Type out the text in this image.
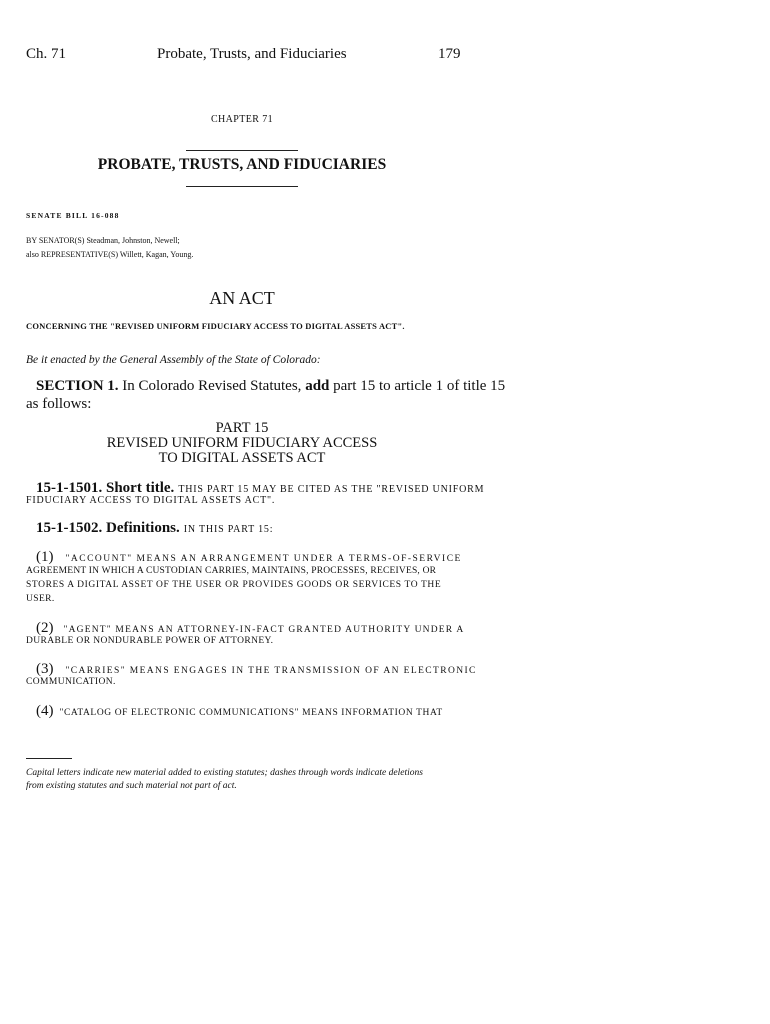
Ch. 71	Probate, Trusts, and Fiduciaries	179
CHAPTER 71
PROBATE, TRUSTS, AND FIDUCIARIES
SENATE BILL 16-088
BY SENATOR(S) Steadman, Johnston, Newell;
also REPRESENTATIVE(S) Willett, Kagan, Young.
AN ACT
CONCERNING THE "REVISED UNIFORM FIDUCIARY ACCESS TO DIGITAL ASSETS ACT".
Be it enacted by the General Assembly of the State of Colorado:
SECTION 1. In Colorado Revised Statutes, add part 15 to article 1 of title 15
as follows:
PART 15
REVISED UNIFORM FIDUCIARY ACCESS
TO DIGITAL ASSETS ACT
15-1-1501. Short title. THIS PART 15 MAY BE CITED AS THE "REVISED UNIFORM
FIDUCIARY ACCESS TO DIGITAL ASSETS ACT".
15-1-1502. Definitions. IN THIS PART 15:
(1) "ACCOUNT" MEANS AN ARRANGEMENT UNDER A TERMS-OF-SERVICE
AGREEMENT IN WHICH A CUSTODIAN CARRIES, MAINTAINS, PROCESSES, RECEIVES, OR
STORES A DIGITAL ASSET OF THE USER OR PROVIDES GOODS OR SERVICES TO THE
USER.
(2) "AGENT" MEANS AN ATTORNEY-IN-FACT GRANTED AUTHORITY UNDER A
DURABLE OR NONDURABLE POWER OF ATTORNEY.
(3) "CARRIES" MEANS ENGAGES IN THE TRANSMISSION OF AN ELECTRONIC
COMMUNICATION.
(4) "CATALOG OF ELECTRONIC COMMUNICATIONS" MEANS INFORMATION THAT
Capital letters indicate new material added to existing statutes; dashes through words indicate deletions
from existing statutes and such material not part of act.
